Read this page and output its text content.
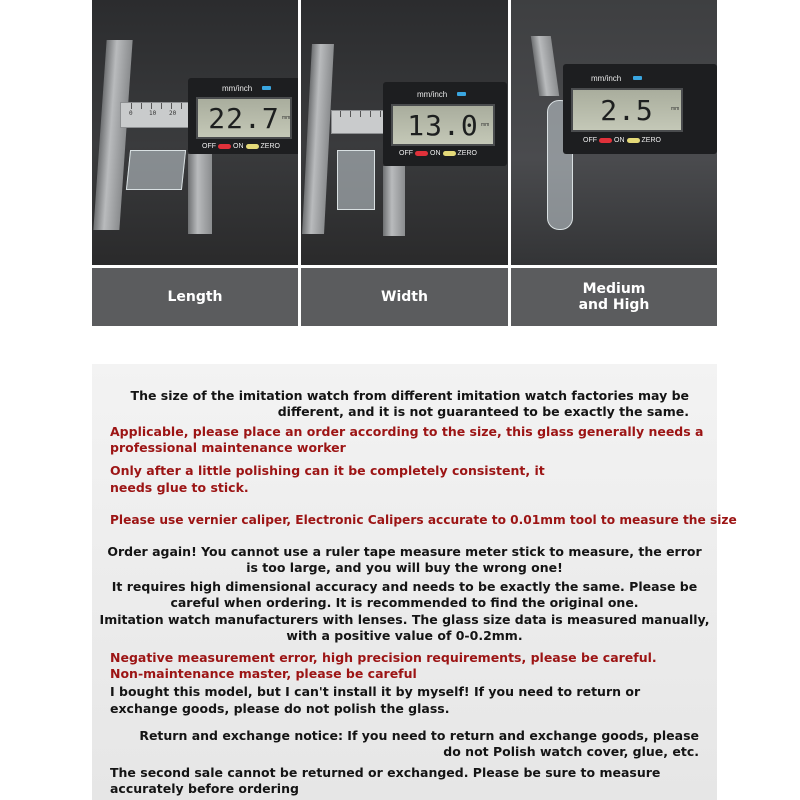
0	10 20
mm/inch
22.7 mm
OFF ON ZERO
mm/inch
13.0 mm
OFF ON ZERO
mm/inch
2.5	mm
OFF ON ZERO
Length	Width	Medium
and High
The size of the imitation watch from different imitation watch factories may be
different, and it is not guaranteed to be exactly the same.
Applicable, please place an order according to the size, this glass generally needs a
professional maintenance worker
Only after a little polishing can it be completely consistent, it
needs glue to stick.
Please use vernier caliper, Electronic Calipers accurate to 0.01mm tool to measure the size
Order again! You cannot use a ruler tape measure meter stick to measure, the error
is too large, and you will buy the wrong one!
It requires high dimensional accuracy and needs to be exactly the same. Please be
careful when ordering. It is recommended to find the original one.
Imitation watch manufacturers with lenses. The glass size data is measured manually,
with a positive value of 0-0.2mm.
Negative measurement error, high precision requirements, please be careful.
Non-maintenance master, please be careful
I bought this model, but I can't install it by myself! If you need to return or
exchange goods, please do not polish the glass.
Return and exchange notice: If you need to return and exchange goods, please
do not Polish watch cover, glue, etc.
The second sale cannot be returned or exchanged. Please be sure to measure
accurately before ordering
